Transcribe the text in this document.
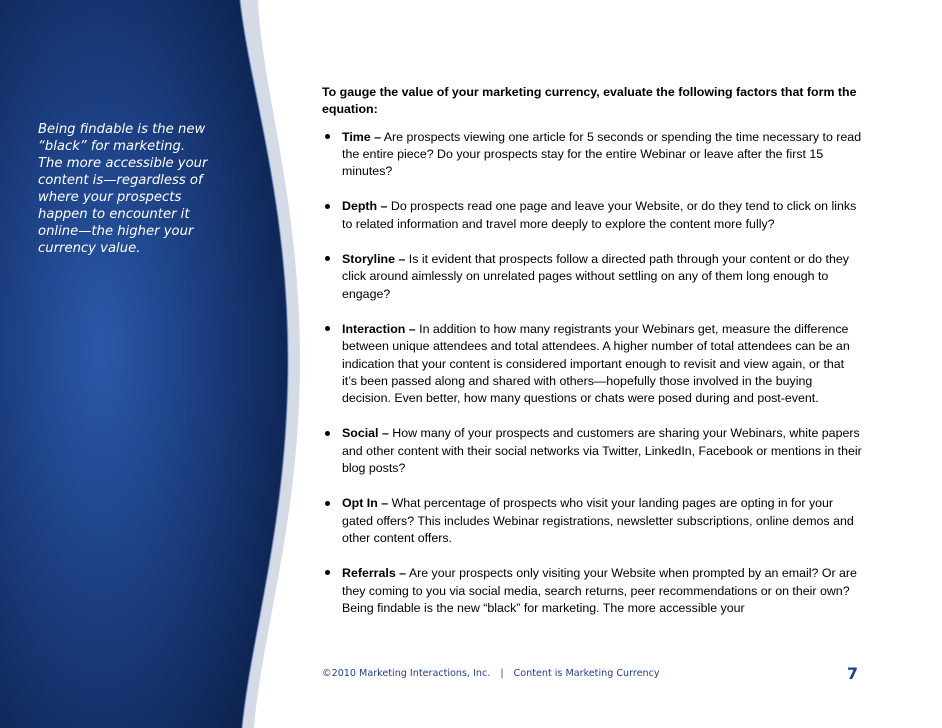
Being findable is the new “black” for marketing. The more accessible your content is—regardless of where your prospects happen to encounter it online—the higher your currency value.

To gauge the value of your marketing currency, evaluate the following factors that form the equation:

Time – Are prospects viewing one article for 5 seconds or spending the time necessary to read the entire piece? Do your prospects stay for the entire Webinar or leave after the first 15 minutes?
Depth – Do prospects read one page and leave your Website, or do they tend to click on links to related information and travel more deeply to explore the content more fully?
Storyline – Is it evident that prospects follow a directed path through your content or do they click around aimlessly on unrelated pages without settling on any of them long enough to engage?
Interaction – In addition to how many registrants your Webinars get, measure the difference between unique attendees and total attendees. A higher number of total attendees can be an indication that your content is considered important enough to revisit and view again, or that it’s been passed along and shared with others—hopefully those involved in the buying decision. Even better, how many questions or chats were posed during and post-event.
Social – How many of your prospects and customers are sharing your Webinars, white papers and other content with their social networks via Twitter, LinkedIn, Facebook or mentions in their blog posts?
Opt In – What percentage of prospects who visit your landing pages are opting in for your gated offers? This includes Webinar registrations, newsletter subscriptions, online demos and other content offers.
Referrals – Are your prospects only visiting your Website when prompted by an email? Or are they coming to you via social media, search returns, peer recommendations or on their own? Being findable is the new “black” for marketing. The more accessible your
©2010 Marketing Interactions, Inc. | Content is Marketing Currency	7
